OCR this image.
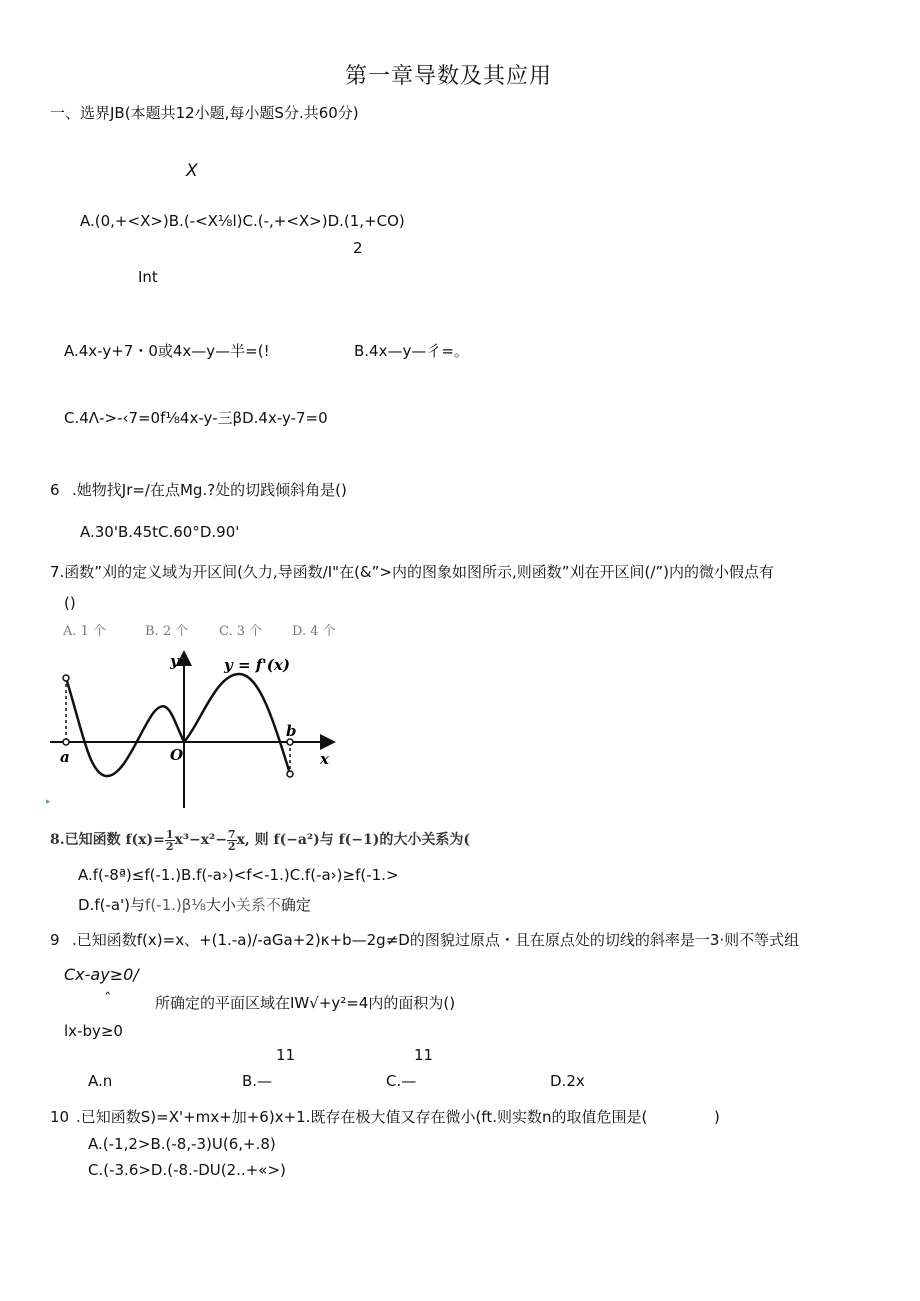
第一章导数及其应用
一、选界JB(本题共12小题,每小题S分.共60分)
X
A.(0,+<X>)B.(-<X⅛l)C.(-,+<X>)D.(1,+CO)
2
Int
A.4x-y+7・0或4x—y—半=(!	B.4x—y—彳=。
C.4Λ->-‹7=0f⅛4x-y-三βD.4x-y-7=0
6 .她物找Jr=/在点Mg.?处的切践倾斜角是()
A.30'B.45tC.60°D.90'
7.函数”刈的定义域为开区间(久力,导函数/I"在(&”>内的图象如图所示,则函数”刈在开区间(/”)内的微小假点有
()
A. 1 个	B. 2 个 C. 3 个 D. 4 个
y = f'(x)
y
x
a
b
O
▸
8.已知函数 $f(x)= \frac{1}{2} x^3-x^2- \frac{7}{2} x$, 则 f(−a²)与 f(−1)的大小关系为(
A.f(-8ª)≤f(-1.)B.f(-a›)<f<-1.)C.f(-a›)≥f(-1.>
D.f(-a')与f(-1.)β⅛大小关系不确定
9 .已知函数f(x)=x、+(1.-a)/-aGa+2)κ+b—2g≠D的图貌过原点・且在原点处的切线的斜率是一3·则不等式组
Cx-ay≥0/
ˆ	所确定的平面区域在IW√+y²=4内的面积为()
lx-by≥0
11	11
A.n	B.—	C.—	D.2x
10 .已知函数S)=X'+mx+加+6)x+1.既存在极大值又存在微小(ft.则实数n的取值危围是(	)
A.(-1,2>B.(-8,-3)U(6,+.8)
C.(-3.6>D.(-8.-DU(2..+«>)
